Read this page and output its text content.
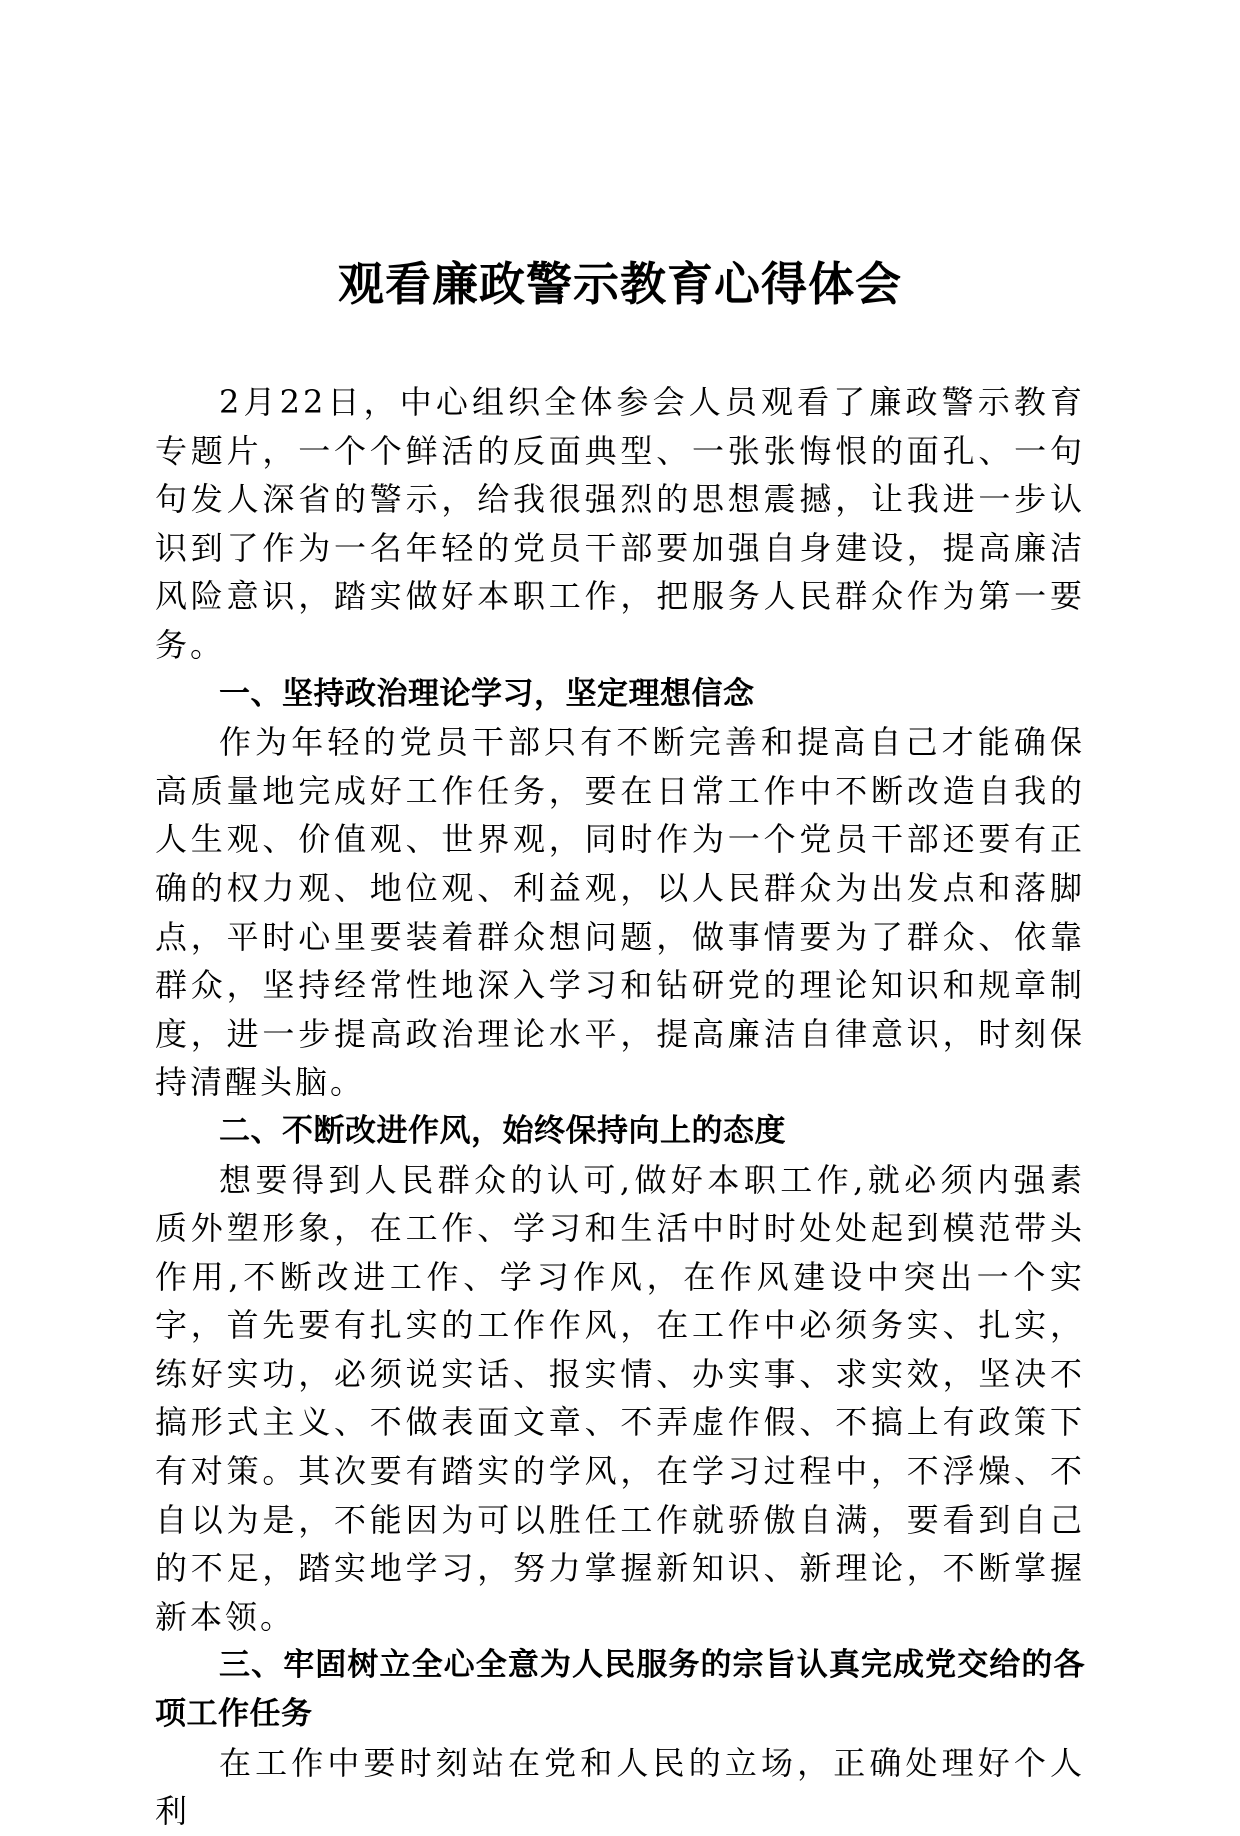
观看廉政警示教育心得体会

2月22日，中心组织全体参会人员观看了廉政警示教育专题片，一个个鲜活的反面典型、一张张悔恨的面孔、一句句发人深省的警示，给我很强烈的思想震撼，让我进一步认识到了作为一名年轻的党员干部要加强自身建设，提高廉洁风险意识，踏实做好本职工作，把服务人民群众作为第一要务。

一、坚持政治理论学习，坚定理想信念

作为年轻的党员干部只有不断完善和提高自己才能确保高质量地完成好工作任务，要在日常工作中不断改造自我的人生观、价值观、世界观，同时作为一个党员干部还要有正确的权力观、地位观、利益观，以人民群众为出发点和落脚点，平时心里要装着群众想问题，做事情要为了群众、依靠群众，坚持经常性地深入学习和钻研党的理论知识和规章制度，进一步提高政治理论水平，提高廉洁自律意识，时刻保持清醒头脑。

二、不断改进作风，始终保持向上的态度

想要得到人民群众的认可,做好本职工作,就必须内强素质外塑形象，在工作、学习和生活中时时处处起到模范带头作用,不断改进工作、学习作风，在作风建设中突出一个实字，首先要有扎实的工作作风，在工作中必须务实、扎实，练好实功，必须说实话、报实情、办实事、求实效，坚决不搞形式主义、不做表面文章、不弄虚作假、不搞上有政策下有对策。其次要有踏实的学风，在学习过程中，不浮燥、不自以为是，不能因为可以胜任工作就骄傲自满，要看到自己的不足，踏实地学习，努力掌握新知识、新理论，不断掌握新本领。

三、牢固树立全心全意为人民服务的宗旨认真完成党交给的各项工作任务

在工作中要时刻站在党和人民的立场，正确处理好个人利
